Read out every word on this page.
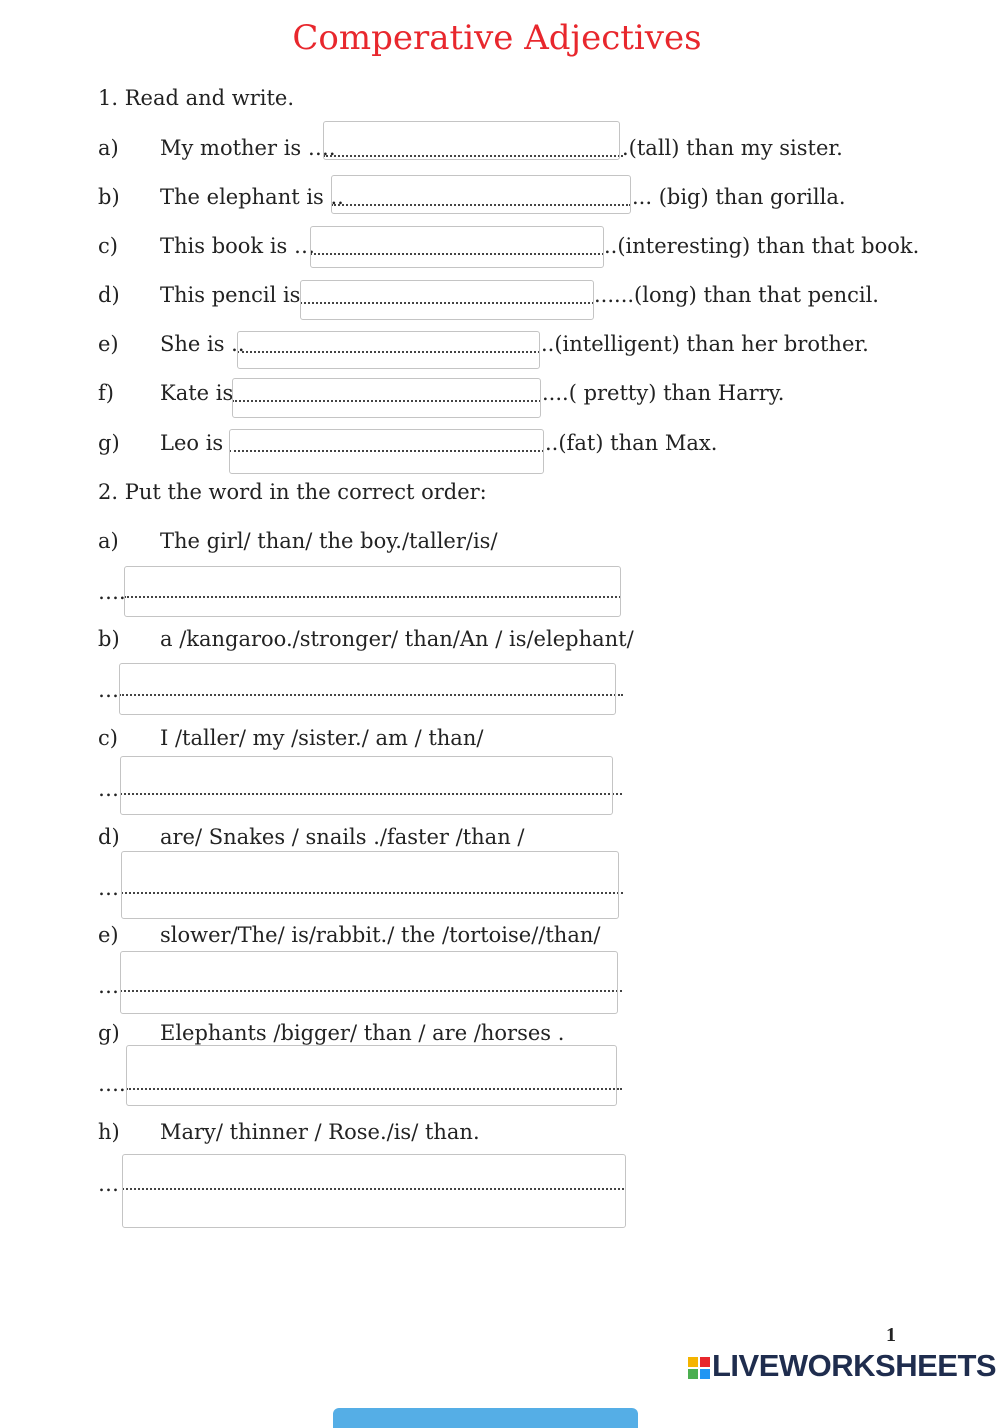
Comperative Adjectives
1. Read and write.
a) My mother is ….	.(tall) than my sister.
b) The elephant is ..	... (big) than gorilla.
c) This book is …	..(interesting) than that book.
d) This pencil is	......(long) than that pencil.
e) She is ..	..(intelligent) than her brother.
f) Kate is	....( pretty) than Harry.
g) Leo is	..(fat) than Max.
2. Put the word in the correct order:
a) The girl/ than/ the boy./taller/is/
….
b) a /kangaroo./stronger/ than/An / is/elephant/
…
c) I /taller/ my /sister./ am / than/
…
d) are/ Snakes / snails ./faster /than /
…
e) slower/The/ is/rabbit./ the /tortoise//than/
…
g) Elephants /bigger/ than / are /horses .
….
h) Mary/ thinner / Rose./is/ than.
…
1
LIVEWORKSHEETS
